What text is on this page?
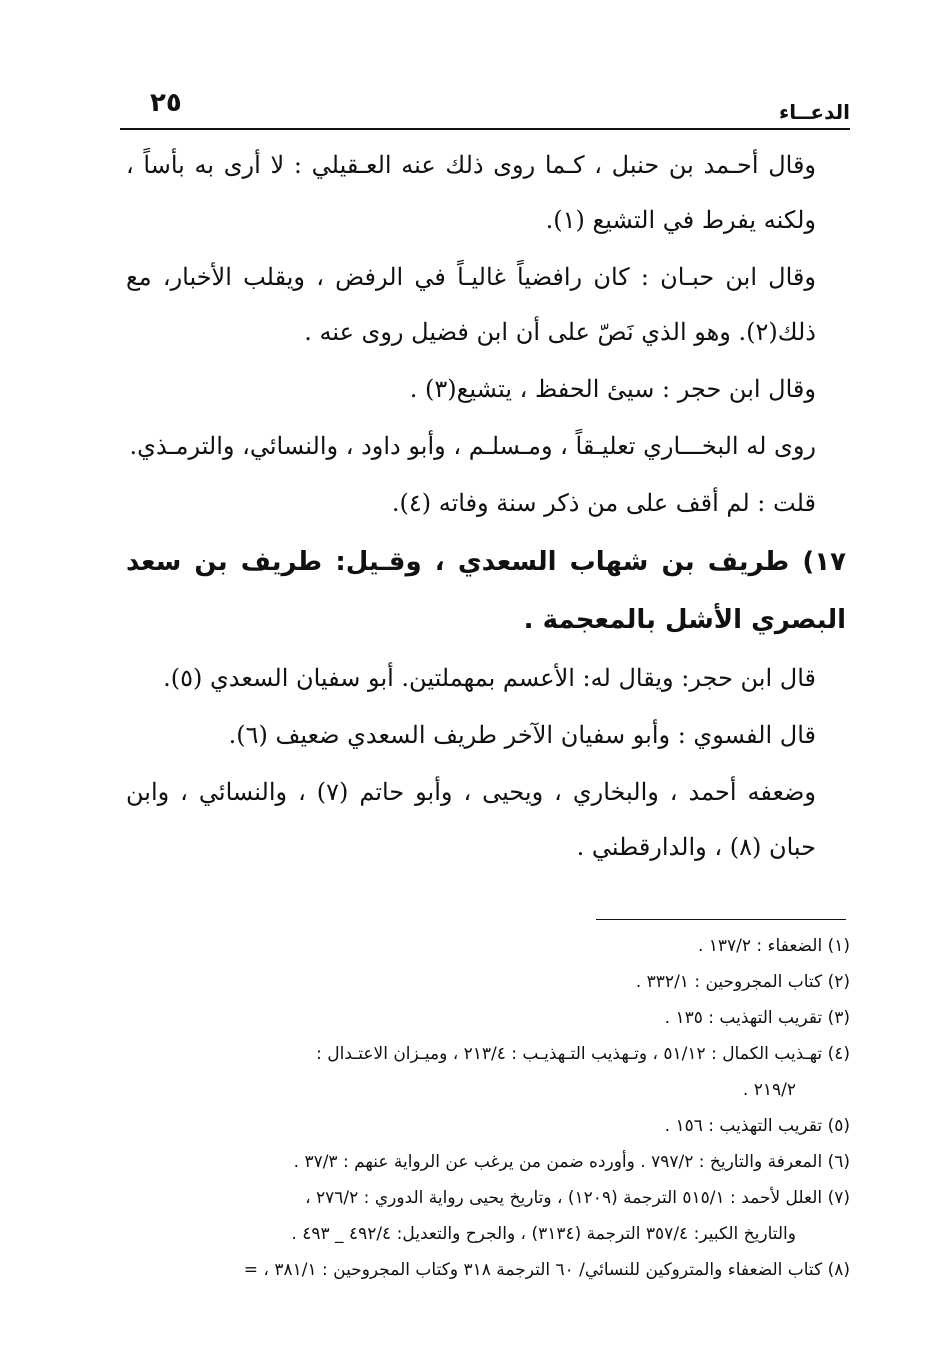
الدعــاء
٢٥

وقال أحـمد بن حنبل ، كـما روى ذلك عنه العـقيلي : لا أرى به بأساً ، ولكنه يفرط في التشيع (١).

وقال ابن حبـان : كان رافضياً غاليـاً في الرفض ، ويقلب الأخبار، مع ذلك(٢). وهو الذي نَصّ على أن ابن فضيل روى عنه .

وقال ابن حجر : سيئ الحفظ ، يتشيع(٣) .

روى له البخـــاري تعليـقاً ، ومـسلـم ، وأبو داود ، والنسائي، والترمـذي.

قلت : لم أقف على من ذكر سنة وفاته (٤).

١٧) طريف بن شهاب السعدي ، وقـيل: طريف بن سعد البصري الأشل بالمعجمة .

قال ابن حجر: ويقال له: الأعسم بمهملتين. أبو سفيان السعدي (٥).

قال الفسوي : وأبو سفيان الآخر طريف السعدي ضعيف (٦).

وضعفه أحمد ، والبخاري ، ويحيى ، وأبو حاتم (٧) ، والنسائي ، وابن حبان (٨) ، والدارقطني .

(١) الضعفاء : ١٣٧/٢ .

(٢) كتاب المجروحين : ٣٣٢/١ .

(٣) تقريب التهذيب : ١٣٥ .

(٤) تهـذيب الكمال : ٥١/١٢ ، وتـهذيب التـهذيـب : ٢١٣/٤ ، وميـزان الاعتـدال :

٢١٩/٢ .

(٥) تقريب التهذيب : ١٥٦ .

(٦) المعرفة والتاريخ : ٧٩٧/٢ . وأورده ضمن من يرغب عن الرواية عنهم : ٣٧/٣ .

(٧) العلل لأحمد : ٥١٥/١ الترجمة (١٢٠٩) ، وتاريخ يحيى رواية الدوري : ٢٧٦/٢ ،

والتاريخ الكبير: ٣٥٧/٤ الترجمة (٣١٣٤) ، والجرح والتعديل: ٤٩٢/٤ _ ٤٩٣ .

(٨) كتاب الضعفاء والمتروكين للنسائي/ ٦٠ الترجمة ٣١٨ وكتاب المجروحين : ٣٨١/١ ، =
